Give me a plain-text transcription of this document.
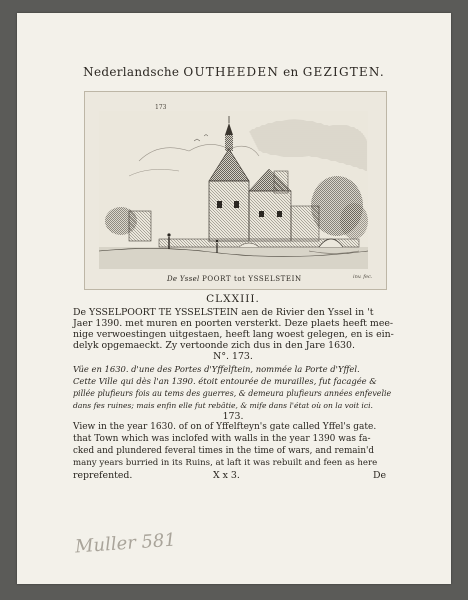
Nederlandsche OUTHEEDEN en GEZIGTEN.
173
De Yssel POORT tot YSSELSTEIN	inv. fec.
CLXXIII.
De YSSELPOORT TE YSSELSTEIN aen de Rivier den Yssel in 't
Jaer 1390. met muren en poorten versterkt. Deze plaets heeft mee-
nige verwoestingen uitgestaen, heeft lang woest gelegen, en is ein-
delyk opgemaeckt. Zy vertoonde zich dus in den Jare 1630.
N°. 173.
Vüe en 1630. d'une des Portes d'Yffelftein, nommée la Porte d'Yffel.
Cette Ville qui dès l'an 1390. étoit entourée de murailles, fut facagée &
pillée plufieurs fois au tems des guerres, & demeura plufieurs années enfevelie
dans fes ruines; mais enfin elle fut rebâtie, & mife dans l'état où on la voit ici.
173.
View in the year 1630. of on of Yffelfteyn's gate called Yffel's gate.
that Town which was inclofed with walls in the year 1390 was fa-
cked and plundered feveral times in the time of wars, and remain'd
many years burried in its Ruins, at laft it was rebuilt and feen as here
reprefented.	X x 3.	De
Muller 581
